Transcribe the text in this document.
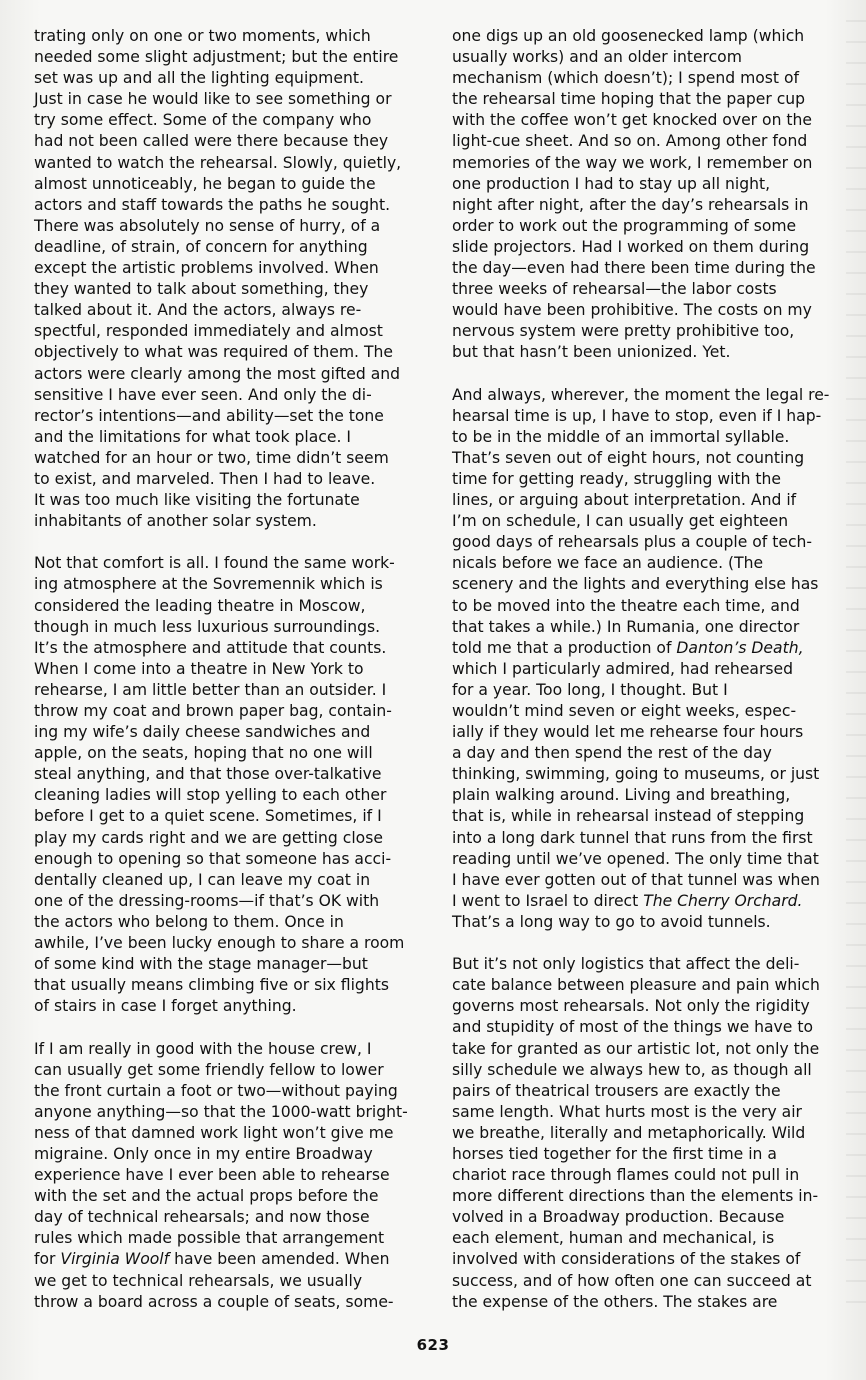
trating only on one or two moments, which
needed some slight adjustment; but the entire
set was up and all the lighting equipment.
Just in case he would like to see something or
try some effect. Some of the company who
had not been called were there because they
wanted to watch the rehearsal. Slowly, quietly,
almost unnoticeably, he began to guide the
actors and staff towards the paths he sought.
There was absolutely no sense of hurry, of a
deadline, of strain, of concern for anything
except the artistic problems involved. When
they wanted to talk about something, they
talked about it. And the actors, always re-
spectful, responded immediately and almost
objectively to what was required of them. The
actors were clearly among the most gifted and
sensitive I have ever seen. And only the di-
rector’s intentions—and ability—set the tone
and the limitations for what took place. I
watched for an hour or two, time didn’t seem
to exist, and marveled. Then I had to leave.
It was too much like visiting the fortunate
inhabitants of another solar system.
Not that comfort is all. I found the same work-
ing atmosphere at the Sovremennik which is
considered the leading theatre in Moscow,
though in much less luxurious surroundings.
It’s the atmosphere and attitude that counts.
When I come into a theatre in New York to
rehearse, I am little better than an outsider. I
throw my coat and brown paper bag, contain-
ing my wife’s daily cheese sandwiches and
apple, on the seats, hoping that no one will
steal anything, and that those over-talkative
cleaning ladies will stop yelling to each other
before I get to a quiet scene. Sometimes, if I
play my cards right and we are getting close
enough to opening so that someone has acci-
dentally cleaned up, I can leave my coat in
one of the dressing-rooms—if that’s OK with
the actors who belong to them. Once in
awhile, I’ve been lucky enough to share a room
of some kind with the stage manager—but
that usually means climbing five or six flights
of stairs in case I forget anything.
If I am really in good with the house crew, I
can usually get some friendly fellow to lower
the front curtain a foot or two—without paying
anyone anything—so that the 1000-watt bright-
ness of that damned work light won’t give me
migraine. Only once in my entire Broadway
experience have I ever been able to rehearse
with the set and the actual props before the
day of technical rehearsals; and now those
rules which made possible that arrangement
for Virginia Woolf have been amended. When
we get to technical rehearsals, we usually
throw a board across a couple of seats, some-
one digs up an old goosenecked lamp (which
usually works) and an older intercom
mechanism (which doesn’t); I spend most of
the rehearsal time hoping that the paper cup
with the coffee won’t get knocked over on the
light-cue sheet. And so on. Among other fond
memories of the way we work, I remember on
one production I had to stay up all night,
night after night, after the day’s rehearsals in
order to work out the programming of some
slide projectors. Had I worked on them during
the day—even had there been time during the
three weeks of rehearsal—the labor costs
would have been prohibitive. The costs on my
nervous system were pretty prohibitive too,
but that hasn’t been unionized. Yet.
And always, wherever, the moment the legal re-
hearsal time is up, I have to stop, even if I hap-
to be in the middle of an immortal syllable.
That’s seven out of eight hours, not counting
time for getting ready, struggling with the
lines, or arguing about interpretation. And if
I’m on schedule, I can usually get eighteen
good days of rehearsals plus a couple of tech-
nicals before we face an audience. (The
scenery and the lights and everything else has
to be moved into the theatre each time, and
that takes a while.) In Rumania, one director
told me that a production of Danton’s Death,
which I particularly admired, had rehearsed
for a year. Too long, I thought. But I
wouldn’t mind seven or eight weeks, espec-
ially if they would let me rehearse four hours
a day and then spend the rest of the day
thinking, swimming, going to museums, or just
plain walking around. Living and breathing,
that is, while in rehearsal instead of stepping
into a long dark tunnel that runs from the first
reading until we’ve opened. The only time that
I have ever gotten out of that tunnel was when
I went to Israel to direct The Cherry Orchard.
That’s a long way to go to avoid tunnels.
But it’s not only logistics that affect the deli-
cate balance between pleasure and pain which
governs most rehearsals. Not only the rigidity
and stupidity of most of the things we have to
take for granted as our artistic lot, not only the
silly schedule we always hew to, as though all
pairs of theatrical trousers are exactly the
same length. What hurts most is the very air
we breathe, literally and metaphorically. Wild
horses tied together for the first time in a
chariot race through flames could not pull in
more different directions than the elements in-
volved in a Broadway production. Because
each element, human and mechanical, is
involved with considerations of the stakes of
success, and of how often one can succeed at
the expense of the others. The stakes are
623
